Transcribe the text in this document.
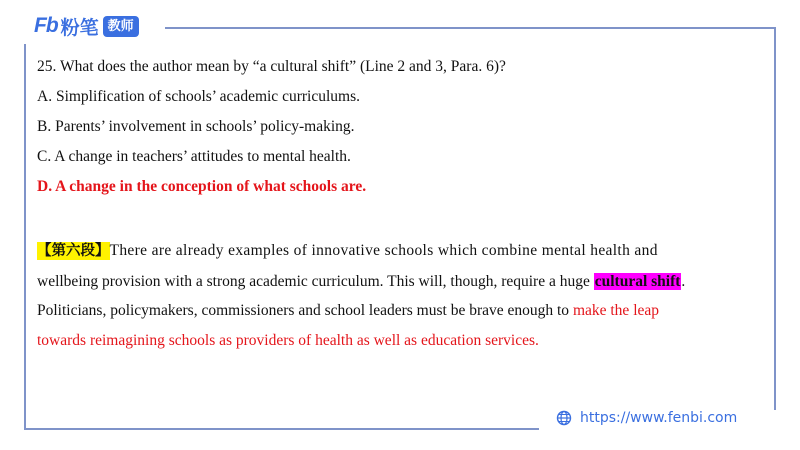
Fb 粉笔 教师
25. What does the author mean by “a cultural shift” (Line 2 and 3, Para. 6)?
A. Simplification of schools’ academic curriculums.
B. Parents’ involvement in schools’ policy-making.
C. A change in teachers’ attitudes to mental health.
D. A change in the conception of what schools are.
【第六段】There are already examples of innovative schools which combine mental health and
wellbeing provision with a strong academic curriculum. This will, though, require a huge cultural shift.
Politicians, policymakers, commissioners and school leaders must be brave enough to make the leap
towards reimagining schools as providers of health as well as education services.
https://www.fenbi.com
